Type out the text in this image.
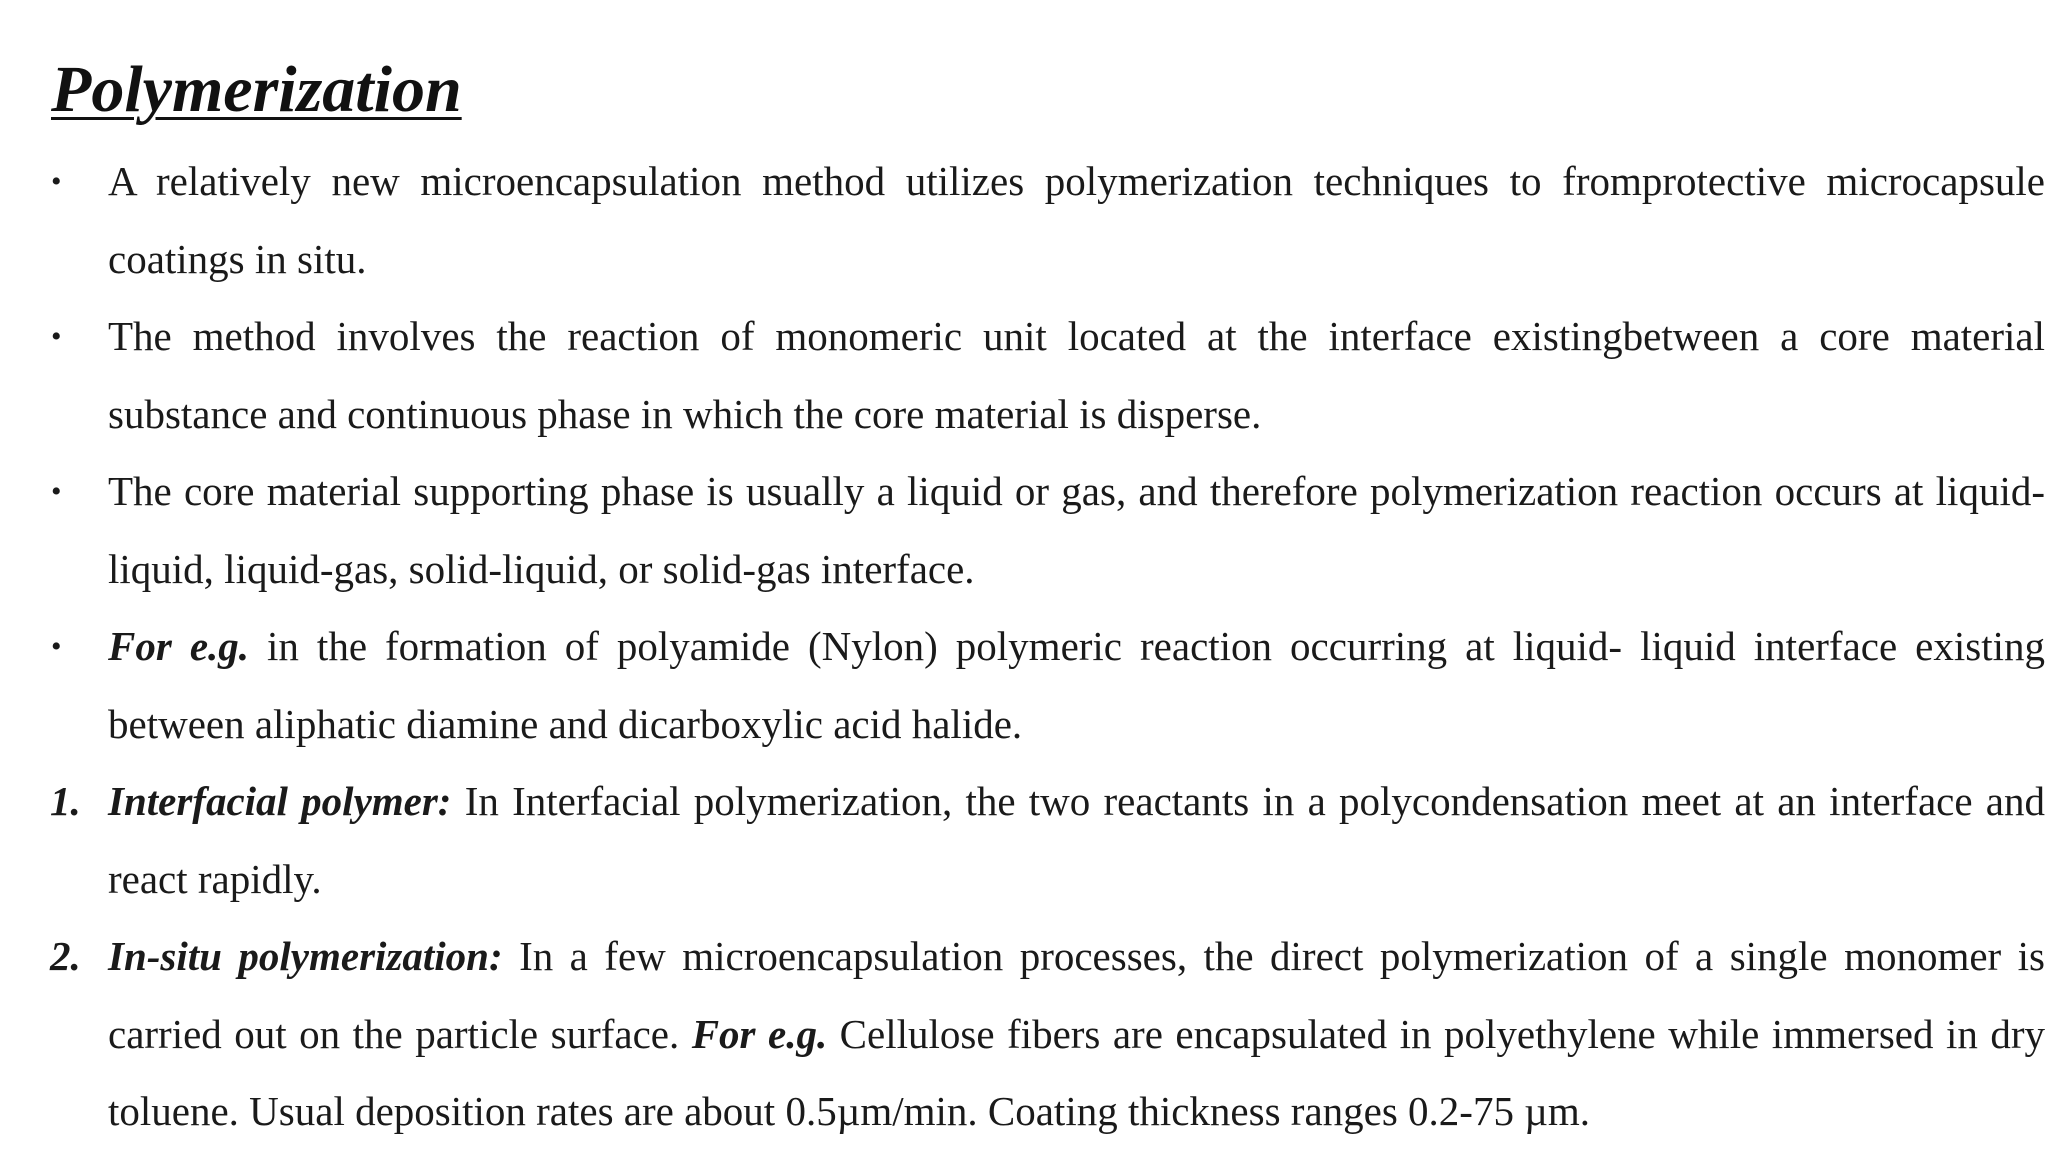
Polymerization
• A relatively new microencapsulation method utilizes polymerization techniques to fromprotective microcapsule coatings in situ.
• The method involves the reaction of monomeric unit located at the interface existingbetween a core material substance and continuous phase in which the core material is disperse.
• The core material supporting phase is usually a liquid or gas, and therefore polymerization reaction occurs at liquid-liquid, liquid-gas, solid-liquid, or solid-gas interface.
• For e.g. in the formation of polyamide (Nylon) polymeric reaction occurring at liquid- liquid interface existing between aliphatic diamine and dicarboxylic acid halide.
1. Interfacial polymer: In Interfacial polymerization, the two reactants in a polycondensation meet at an interface and react rapidly.
2. In-situ polymerization: In a few microencapsulation processes, the direct polymerization of a single monomer is carried out on the particle surface. For e.g. Cellulose fibers are encapsulated in polyethylene while immersed in dry toluene. Usual deposition rates are about 0.5µm/min. Coating thickness ranges 0.2-75 µm.
